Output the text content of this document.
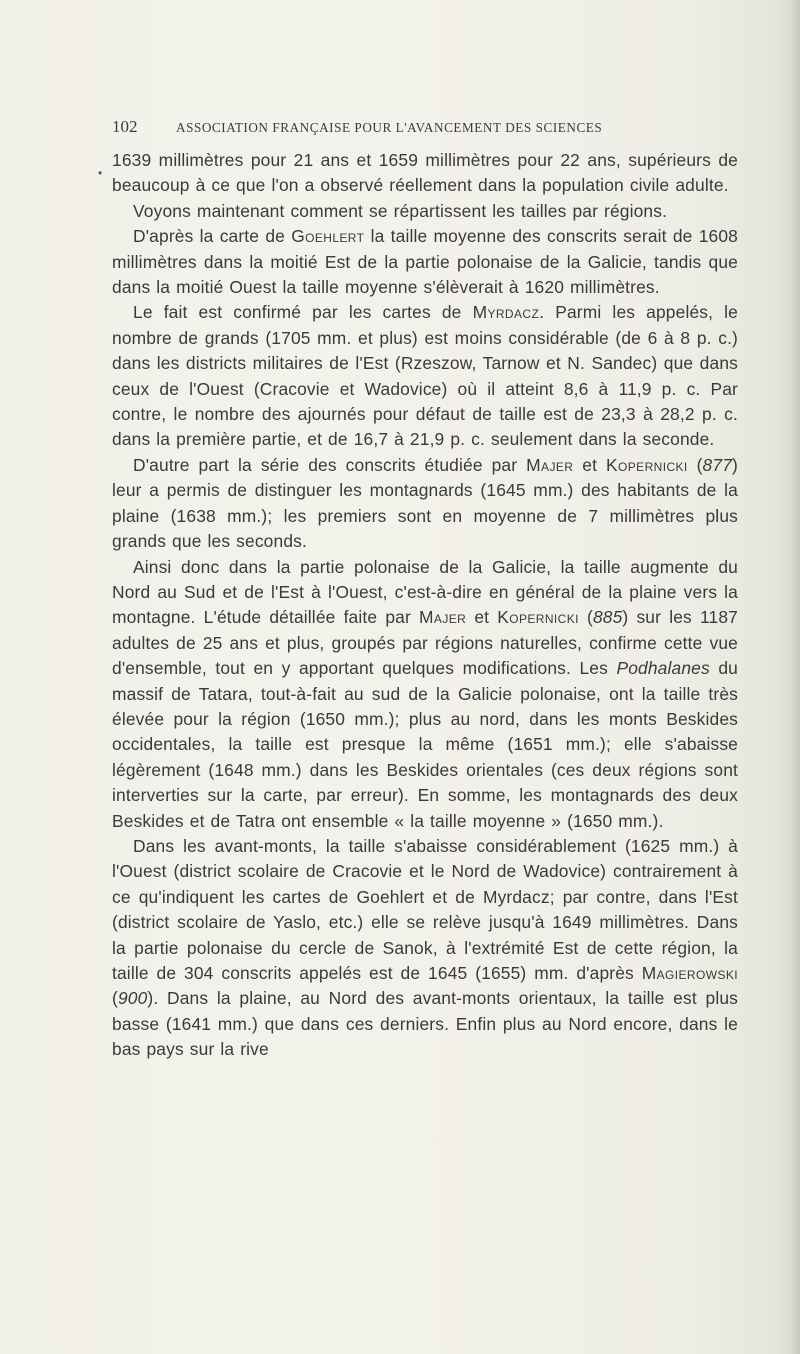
102	ASSOCIATION FRANÇAISE POUR L'AVANCEMENT DES SCIENCES
•

1639 millimètres pour 21 ans et 1659 millimètres pour 22 ans, supérieurs de beaucoup à ce que l'on a observé réellement dans la population civile adulte.

Voyons maintenant comment se répartissent les tailles par régions.

D'après la carte de Goehlert la taille moyenne des conscrits serait de 1608 millimètres dans la moitié Est de la partie polonaise de la Galicie, tandis que dans la moitié Ouest la taille moyenne s'élèverait à 1620 millimètres.

Le fait est confirmé par les cartes de Myrdacz. Parmi les appelés, le nombre de grands (1705 mm. et plus) est moins considérable (de 6 à 8 p. c.) dans les districts militaires de l'Est (Rzeszow, Tarnow et N. Sandec) que dans ceux de l'Ouest (Cracovie et Wadovice) où il atteint 8,6 à 11,9 p. c. Par contre, le nombre des ajournés pour défaut de taille est de 23,3 à 28,2 p. c. dans la première partie, et de 16,7 à 21,9 p. c. seulement dans la seconde.

D'autre part la série des conscrits étudiée par Majer et Kopernicki (877) leur a permis de distinguer les montagnards (1645 mm.) des habitants de la plaine (1638 mm.); les premiers sont en moyenne de 7 millimètres plus grands que les seconds.

Ainsi donc dans la partie polonaise de la Galicie, la taille augmente du Nord au Sud et de l'Est à l'Ouest, c'est-à-dire en général de la plaine vers la montagne. L'étude détaillée faite par Majer et Kopernicki (885) sur les 1187 adultes de 25 ans et plus, groupés par régions naturelles, confirme cette vue d'ensemble, tout en y apportant quelques modifications. Les Podhalanes du massif de Tatara, tout-à-fait au sud de la Galicie polonaise, ont la taille très élevée pour la région (1650 mm.); plus au nord, dans les monts Beskides occidentales, la taille est presque la même (1651 mm.); elle s'abaisse légèrement (1648 mm.) dans les Beskides orientales (ces deux régions sont interverties sur la carte, par erreur). En somme, les montagnards des deux Beskides et de Tatra ont ensemble « la taille moyenne » (1650 mm.).

Dans les avant-monts, la taille s'abaisse considérablement (1625 mm.) à l'Ouest (district scolaire de Cracovie et le Nord de Wadovice) contrairement à ce qu'indiquent les cartes de Goehlert et de Myrdacz; par contre, dans l'Est (district scolaire de Yaslo, etc.) elle se relève jusqu'à 1649 millimètres. Dans la partie polonaise du cercle de Sanok, à l'extrémité Est de cette région, la taille de 304 conscrits appelés est de 1645 (1655) mm. d'après Magierowski (900). Dans la plaine, au Nord des avant-monts orientaux, la taille est plus basse (1641 mm.) que dans ces derniers. Enfin plus au Nord encore, dans le bas pays sur la rive
